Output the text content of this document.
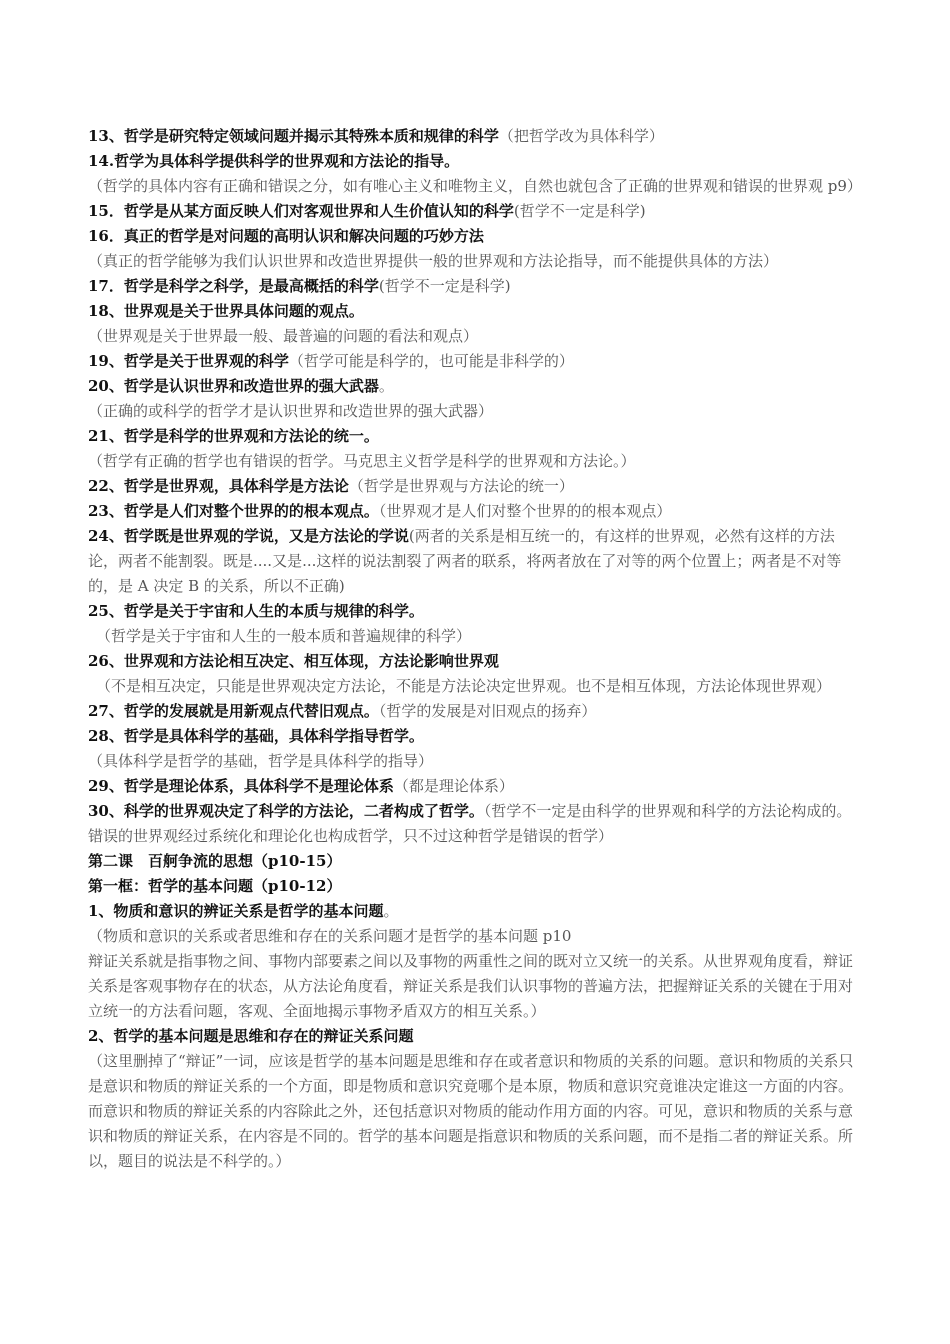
13、哲学是研究特定领域问题并揭示其特殊本质和规律的科学（把哲学改为具体科学）

14.哲学为具体科学提供科学的世界观和方法论的指导。

（哲学的具体内容有正确和错误之分，如有唯心主义和唯物主义，自然也就包含了正确的世界观和错误的世界观 p9）

15．哲学是从某方面反映人们对客观世界和人生价值认知的科学(哲学不一定是科学)

16．真正的哲学是对问题的高明认识和解决问题的巧妙方法

（真正的哲学能够为我们认识世界和改造世界提供一般的世界观和方法论指导，而不能提供具体的方法）

17．哲学是科学之科学，是最高概括的科学(哲学不一定是科学)

18、世界观是关于世界具体问题的观点。

（世界观是关于世界最一般、最普遍的问题的看法和观点）

19、哲学是关于世界观的科学（哲学可能是科学的，也可能是非科学的）

20、哲学是认识世界和改造世界的强大武器。

（正确的或科学的哲学才是认识世界和改造世界的强大武器）

21、哲学是科学的世界观和方法论的统一。

（哲学有正确的哲学也有错误的哲学。马克思主义哲学是科学的世界观和方法论。）

22、哲学是世界观，具体科学是方法论（哲学是世界观与方法论的统一）

23、哲学是人们对整个世界的的根本观点。（世界观才是人们对整个世界的的根本观点）

24、哲学既是世界观的学说，又是方法论的学说(两者的关系是相互统一的，有这样的世界观，必然有这样的方法论，两者不能割裂。既是....又是...这样的说法割裂了两者的联系，将两者放在了对等的两个位置上；两者是不对等的，是 A 决定 B 的关系，所以不正确)

25、哲学是关于宇宙和人生的本质与规律的科学。

（哲学是关于宇宙和人生的一般本质和普遍规律的科学）

26、世界观和方法论相互决定、相互体现，方法论影响世界观

（不是相互决定，只能是世界观决定方法论，不能是方法论决定世界观。也不是相互体现，方法论体现世界观）

27、哲学的发展就是用新观点代替旧观点。（哲学的发展是对旧观点的扬弃）

28、哲学是具体科学的基础，具体科学指导哲学。

（具体科学是哲学的基础，哲学是具体科学的指导）

29、哲学是理论体系，具体科学不是理论体系（都是理论体系）

30、科学的世界观决定了科学的方法论，二者构成了哲学。（哲学不一定是由科学的世界观和科学的方法论构成的。错误的世界观经过系统化和理论化也构成哲学，只不过这种哲学是错误的哲学）

第二课　百舸争流的思想（p10-15）

第一框：哲学的基本问题（p10-12）

1、物质和意识的辨证关系是哲学的基本问题。

（物质和意识的关系或者思维和存在的关系问题才是哲学的基本问题 p10

辩证关系就是指事物之间、事物内部要素之间以及事物的两重性之间的既对立又统一的关系。从世界观角度看，辩证关系是客观事物存在的状态，从方法论角度看，辩证关系是我们认识事物的普遍方法，把握辩证关系的关键在于用对立统一的方法看问题，客观、全面地揭示事物矛盾双方的相互关系。）

2、哲学的基本问题是思维和存在的辩证关系问题

（这里删掉了“辩证”一词，应该是哲学的基本问题是思维和存在或者意识和物质的关系的问题。意识和物质的关系只是意识和物质的辩证关系的一个方面，即是物质和意识究竟哪个是本原，物质和意识究竟谁决定谁这一方面的内容。而意识和物质的辩证关系的内容除此之外，还包括意识对物质的能动作用方面的内容。可见，意识和物质的关系与意识和物质的辩证关系，在内容是不同的。哲学的基本问题是指意识和物质的关系问题，而不是指二者的辩证关系。所以，题目的说法是不科学的。）
